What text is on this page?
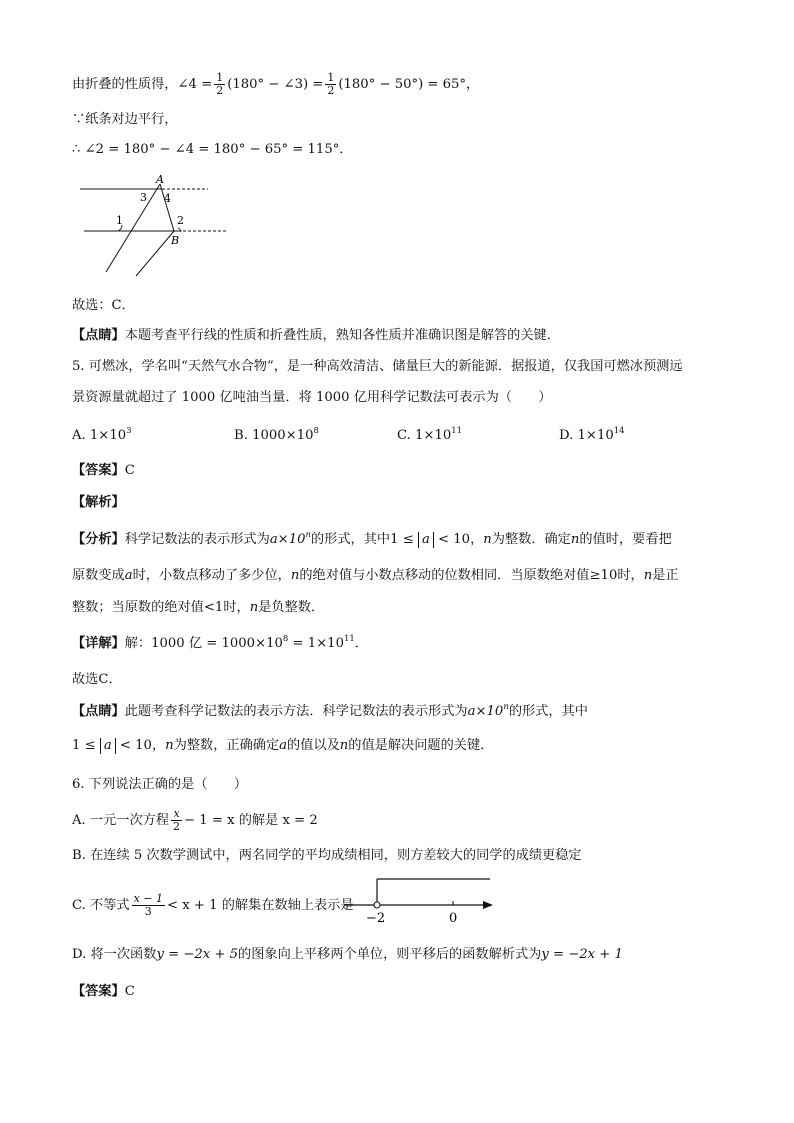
由折叠的性质得，∠4 = $\frac{1}{2} (180^\circ$ − ∠3) = $\frac{1}{2} (180^\circ - 50^\circ) = 65^\circ$，
∵纸条对边平行，
∴ ∠2 = 180° − ∠4 = 180° − 65° = 115°．
A
3 4
1	2
B
故选：C．
【点睛】本题考查平行线的性质和折叠性质，熟知各性质并准确识图是解答的关键．
5. 可燃冰，学名叫“天然气水合物”，是一种高效清洁、储量巨大的新能源．据报道，仅我国可燃冰预测远
景资源量就超过了 1000 亿吨油当量．将 1000 亿用科学记数法可表示为（　　）
A. $1\times 10^3$	B. $1000\times 10^8$	C. $1\times 10^{11}$	D. $1\times 10^{14}$
【答案】C
【解析】
【分析】科学记数法的表示形式为$a\times 10^n$的形式，其中1 ≤ a < 10，n为整数．确定n的值时，要看把
原数变成a时，小数点移动了多少位，n的绝对值与小数点移动的位数相同．当原数绝对值≥10时，n是正
整数；当原数的绝对值<1时，n是负整数．
【详解】解：1000 亿 = $1000\times 10^8 = 1\times 10^{11}$．
故选C．
【点睛】此题考查科学记数法的表示方法．科学记数法的表示形式为$a\times 10^n$的形式，其中
1 ≤ a < 10，n为整数，正确确定a的值以及n的值是解决问题的关键．
6. 下列说法正确的是（　　）
A. 一元一次方程 $\frac{x}{2} - 1 = x$ 的解是 x = 2
B. 在连续 5 次数学测试中，两名同学的平均成绩相同，则方差较大的同学的成绩更稳定
C. 不等式 $\frac{x - 1}{3} < x + 1$ 的解集在数轴上表示是
−2	0
D. 将一次函数y = −2x + 5的图象向上平移两个单位，则平移后的函数解析式为y = −2x + 1
【答案】C
